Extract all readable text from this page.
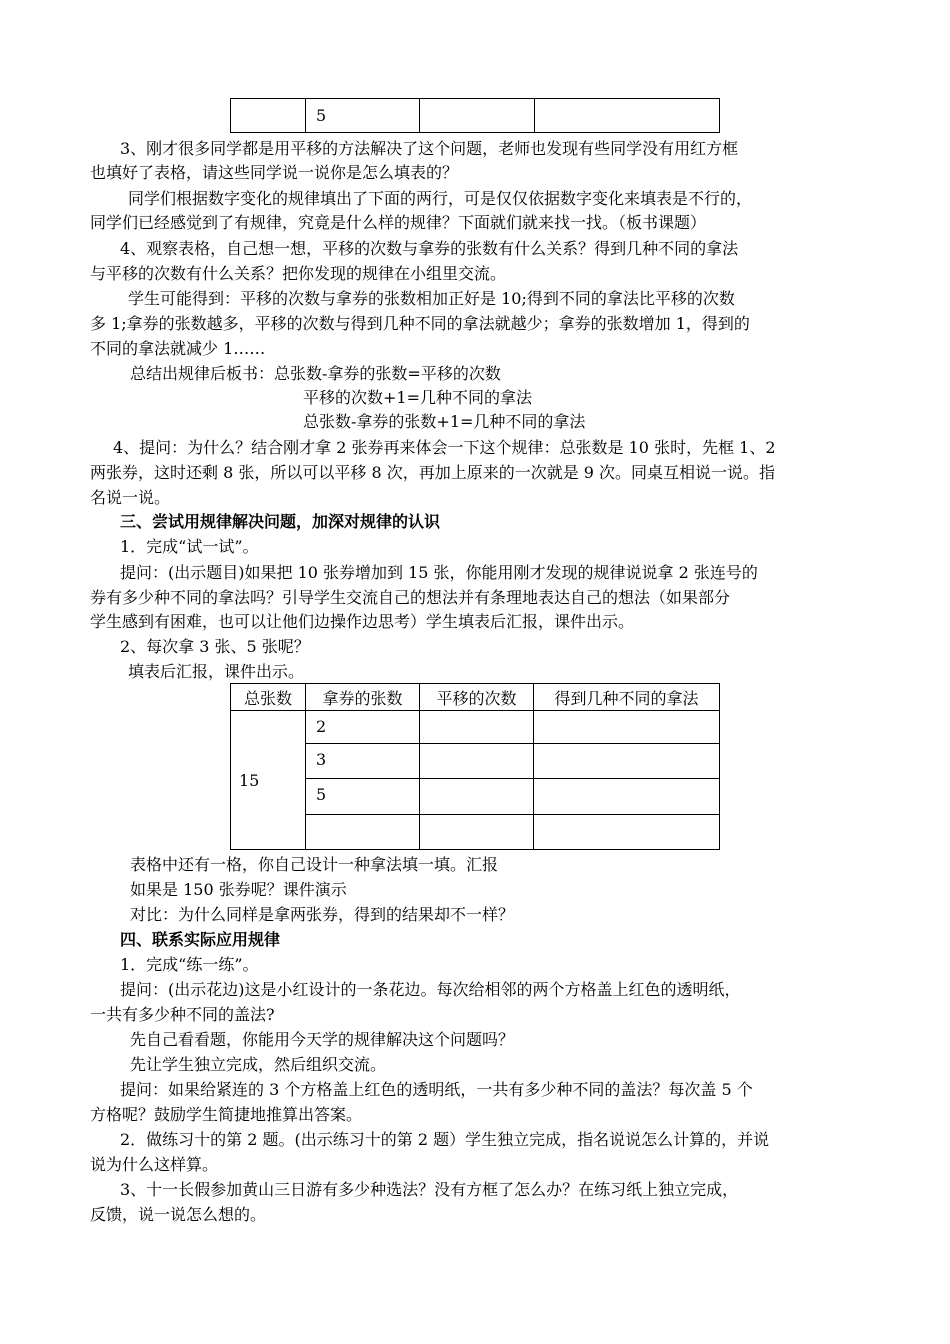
	5		
3、刚才很多同学都是用平移的方法解决了这个问题，老师也发现有些同学没有用红方框
也填好了表格，请这些同学说一说你是怎么填表的？
同学们根据数字变化的规律填出了下面的两行，可是仅仅依据数字变化来填表是不行的，
同学们已经感觉到了有规律，究竟是什么样的规律？下面就们就来找一找。（板书课题）
4、观察表格，自己想一想，平移的次数与拿券的张数有什么关系？得到几种不同的拿法
与平移的次数有什么关系？把你发现的规律在小组里交流。
学生可能得到：平移的次数与拿券的张数相加正好是 10;得到不同的拿法比平移的次数
多 1;拿券的张数越多，平移的次数与得到几种不同的拿法就越少；拿券的张数增加 1，得到的
不同的拿法就减少 1……
总结出规律后板书：总张数-拿券的张数=平移的次数
平移的次数+1=几种不同的拿法
总张数-拿券的张数+1=几种不同的拿法
4、提问：为什么？结合刚才拿 2 张券再来体会一下这个规律：总张数是 10 张时，先框 1、2
两张券，这时还剩 8 张，所以可以平移 8 次，再加上原来的一次就是 9 次。同桌互相说一说。指
名说一说。
三、尝试用规律解决问题，加深对规律的认识
1．完成“试一试”。
提问：(出示题目)如果把 10 张券增加到 15 张，你能用刚才发现的规律说说拿 2 张连号的
券有多少种不同的拿法吗？引导学生交流自己的想法并有条理地表达自己的想法（如果部分
学生感到有困难，也可以让他们边操作边思考）学生填表后汇报，课件出示。
2、每次拿 3 张、5 张呢？
填表后汇报，课件出示。
总张数	拿券的张数	平移的次数	得到几种不同的拿法
15	2		
	3		
	5		

表格中还有一格，你自己设计一种拿法填一填。汇报
如果是 150 张券呢？课件演示
对比：为什么同样是拿两张券，得到的结果却不一样？
四、联系实际应用规律
1．完成“练一练”。
提问：(出示花边)这是小红设计的一条花边。每次给相邻的两个方格盖上红色的透明纸，
一共有多少种不同的盖法?
先自己看看题，你能用今天学的规律解决这个问题吗？
先让学生独立完成，然后组织交流。
提问：如果给紧连的 3 个方格盖上红色的透明纸，一共有多少种不同的盖法？每次盖 5 个
方格呢？鼓励学生简捷地推算出答案。
2．做练习十的第 2 题。(出示练习十的第 2 题）学生独立完成，指名说说怎么计算的，并说
说为什么这样算。
3、十一长假参加黄山三日游有多少种选法？没有方框了怎么办？在练习纸上独立完成，
反馈，说一说怎么想的。
